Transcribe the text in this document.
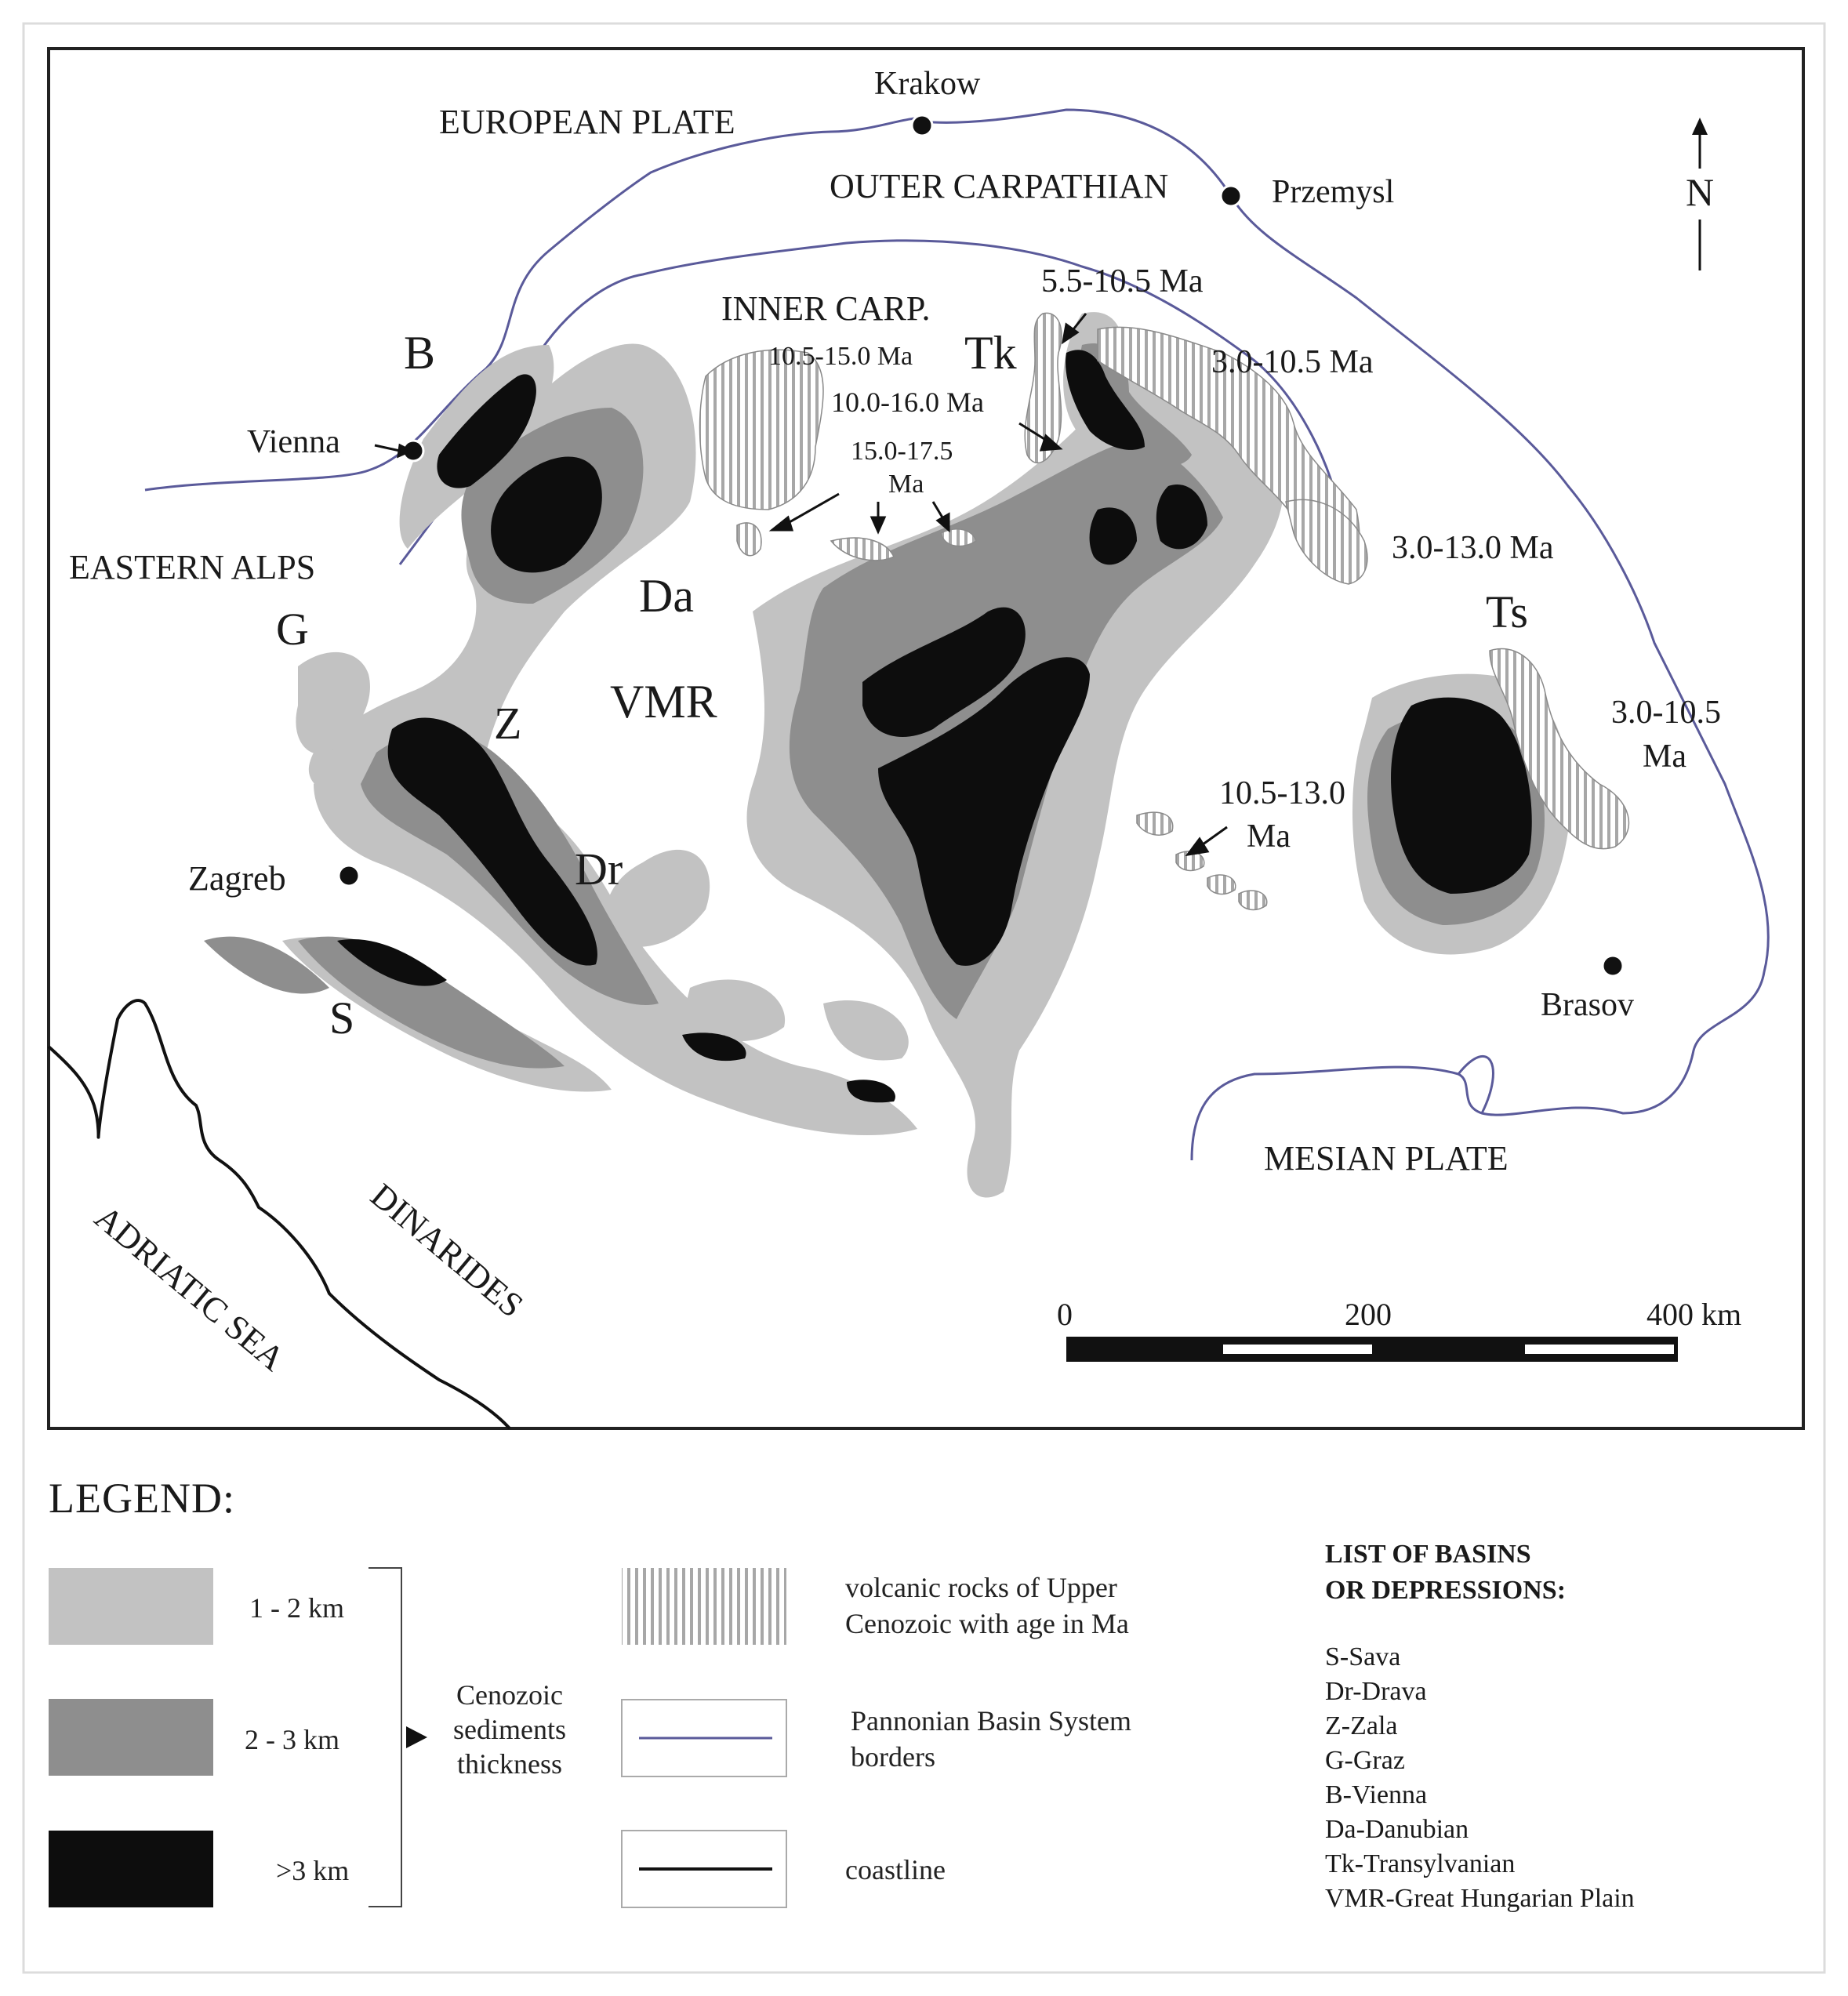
0	200	400 km
EUROPEAN PLATE
Krakow
OUTER CARPATHIAN	Przemysl	N
INNER CARP.
B
Vienna
Tk
EASTERN ALPS
G
Da
VMR
Z
Ts
Zagreb	Dr
S	Brasov
MESIAN PLATE
DINARIDES
ADRIATIC SEA
5.5-10.5 Ma
10.5-15.0 Ma
10.0-16.0 Ma
15.0-17.5
Ma
3.0-10.5 Ma
3.0-13.0 Ma
3.0-10.5
Ma
10.5-13.0
Ma
LEGEND:
1 - 2 km
2 - 3 km
>3 km
Cenozoic
sediments
thickness
volcanic rocks of Upper
Cenozoic with age in Ma
Pannonian Basin System
borders
coastline
LIST OF BASINS
OR DEPRESSIONS:
S-Sava
Dr-Drava
Z-Zala
G-Graz
B-Vienna
Da-Danubian
Tk-Transylvanian
VMR-Great Hungarian Plain
